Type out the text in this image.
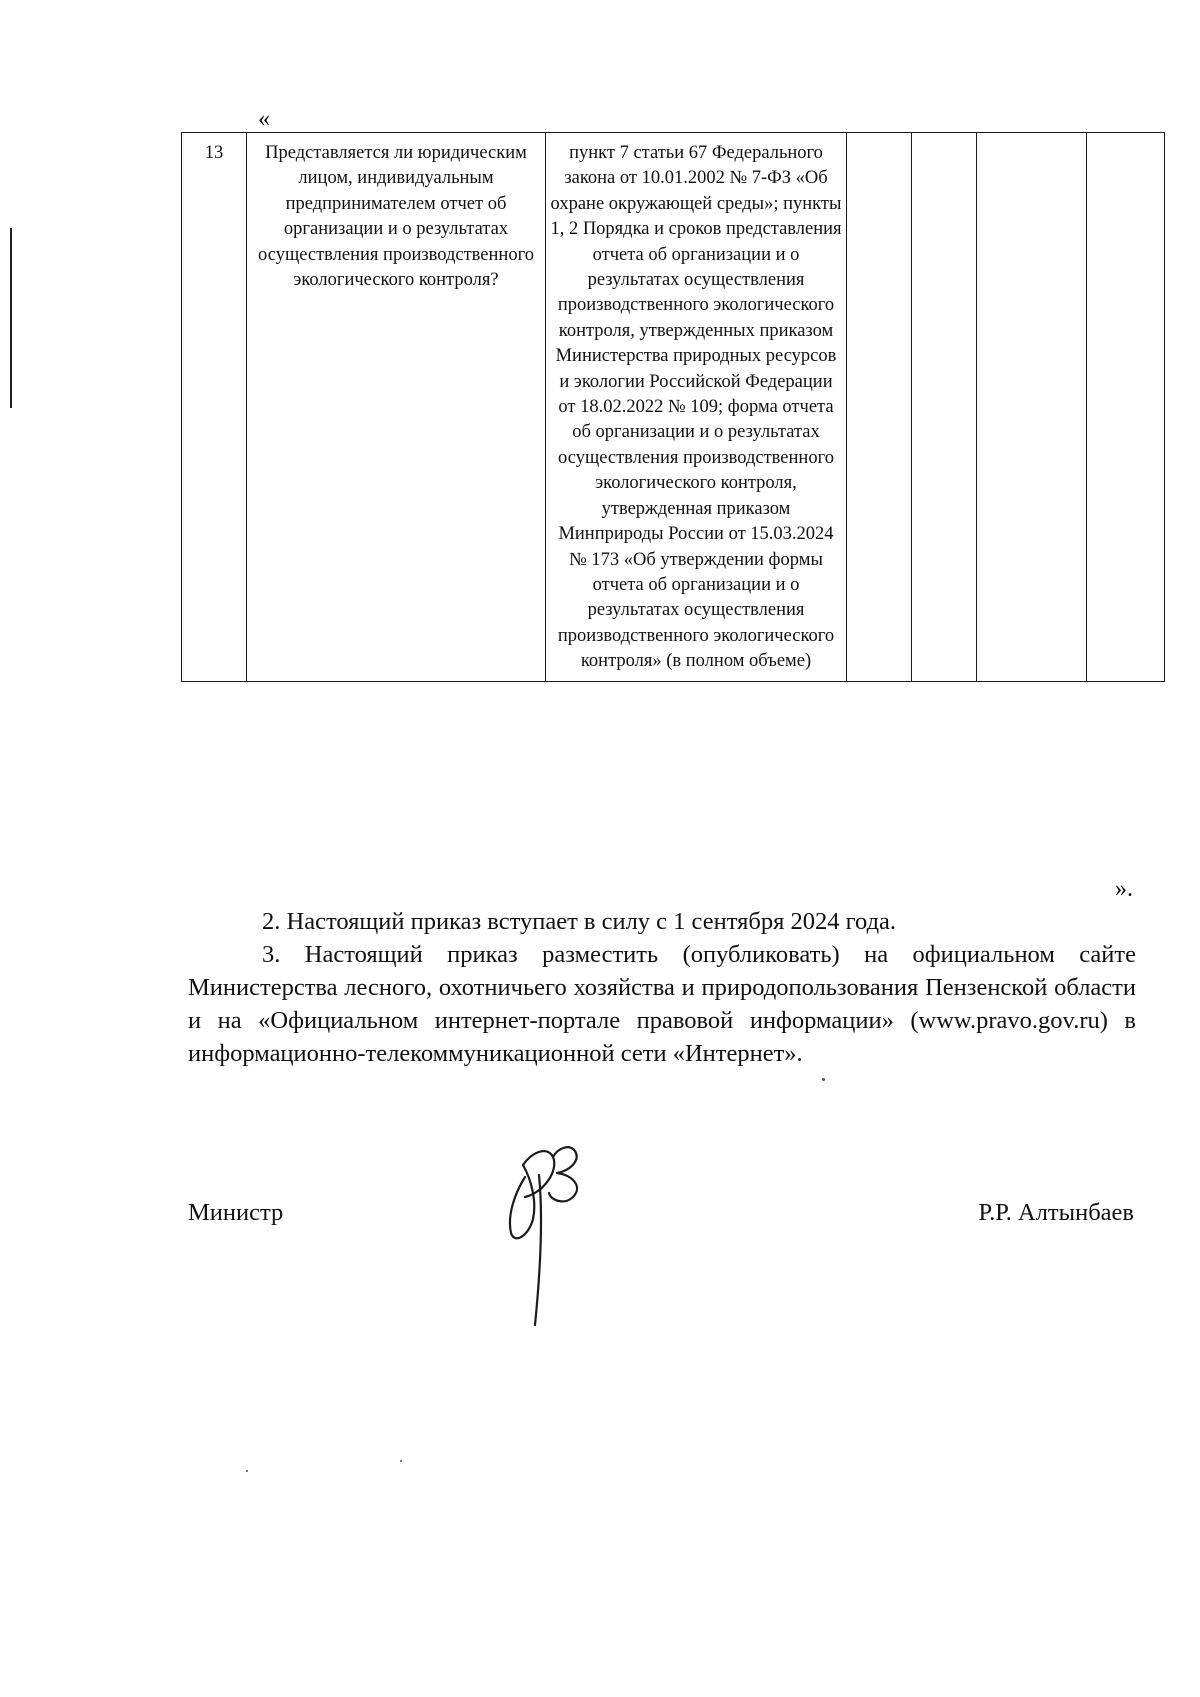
«
13	Представляется ли юридическим лицом, индивидуальным предпринимателем отчет об организации и о результатах осуществления производственного экологического контроля?	пункт 7 статьи 67 Федерального закона от 10.01.2002 № 7-ФЗ «Об охране окружающей среды»; пункты 1, 2 Порядка и сроков представления отчета об организации и о результатах осуществления производственного экологического контроля, утвержденных приказом Министерства природных ресурсов и экологии Российской Федерации от 18.02.2022 № 109; форма отчета об организации и о результатах осуществления производственного экологического контроля, утвержденная приказом Минприроды России от 15.03.2024 № 173 «Об утверждении формы отчета об организации и о результатах осуществления производственного экологического контроля» (в полном объеме)				
».

2. Настоящий приказ вступает в силу с 1 сентября 2024 года.

3. Настоящий приказ разместить (опубликовать) на официальном сайте Министерства лесного, охотничьего хозяйства и природопользования Пензенской области и на «Официальном интернет-портале правовой информации» (www.pravo.gov.ru) в информационно-телекоммуникационной сети «Интернет».

Министр	Р.Р. Алтынбаев
